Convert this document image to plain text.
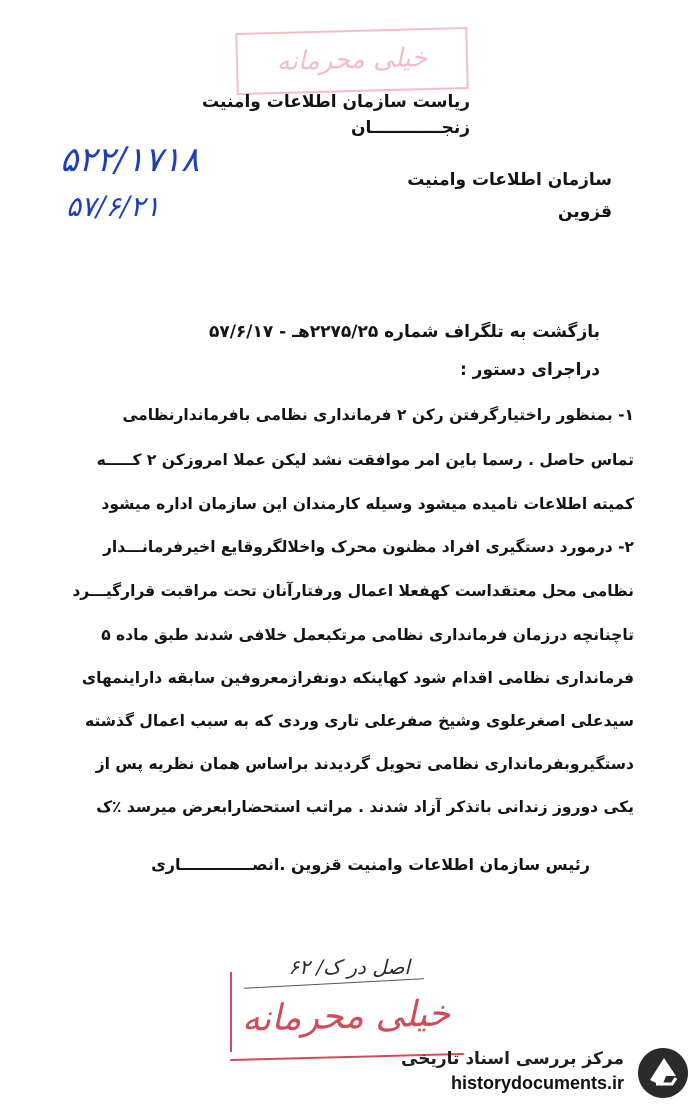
خیلی محرمانه
ریاست سازمان اطلاعات وامنیت
زنجــــــــــــان
سازمان اطلاعات وامنیت
قزوین
۵۲۲/۱۷۱۸
۵۷/۶/۲۱
بازگشت به تلگراف شماره ۲۲۷۵/۲۵هـ - ۵۷/۶/۱۷
دراجرای دستور :
۱- بمنظور راختیارگرفتن رکن ۲ فرمانداری نظامی بافرماندارنظامی
تماس حاصل . رسما باین امر موافقت نشد لیکن عملا امروزکن ۲ کـــــه
کمیته اطلاعات نامیده میشود وسیله کارمندان این سازمان اداره میشود
۲- درمورد دستگیری افراد مظنون محرک واخلالگروقایع اخیرفرمانـــدار
نظامی محل معتقداست کهفعلا اعمال ورفتارآنان تحت مراقبت قرارگیـــرد
تاچنانچه درزمان فرمانداری نظامی مرتکبعمل خلافی شدند طبق ماده ۵
فرمانداری نظامی اقدام شود کهاینکه دونفرازمعروفین سابقه داراینمهای
سیدعلی اصغرعلوی وشیخ صفرعلی تاری وردی که به سبب اعمال گذشته
دستگیروبفرمانداری نظامی تحویل گردیدند براساس همان نظریه پس از
یکی دوروز زندانی باتذکر آزاد شدند . مراتب استحضارابعرض میرسد ٪ک
رئیس سازمان اطلاعات وامنیت قزوین .انصـــــــــــــاری
اصل در ک/ ۶۲
خیلی محرمانه
مرکز بررسی اسناد تاریخی
historydocuments.ir
